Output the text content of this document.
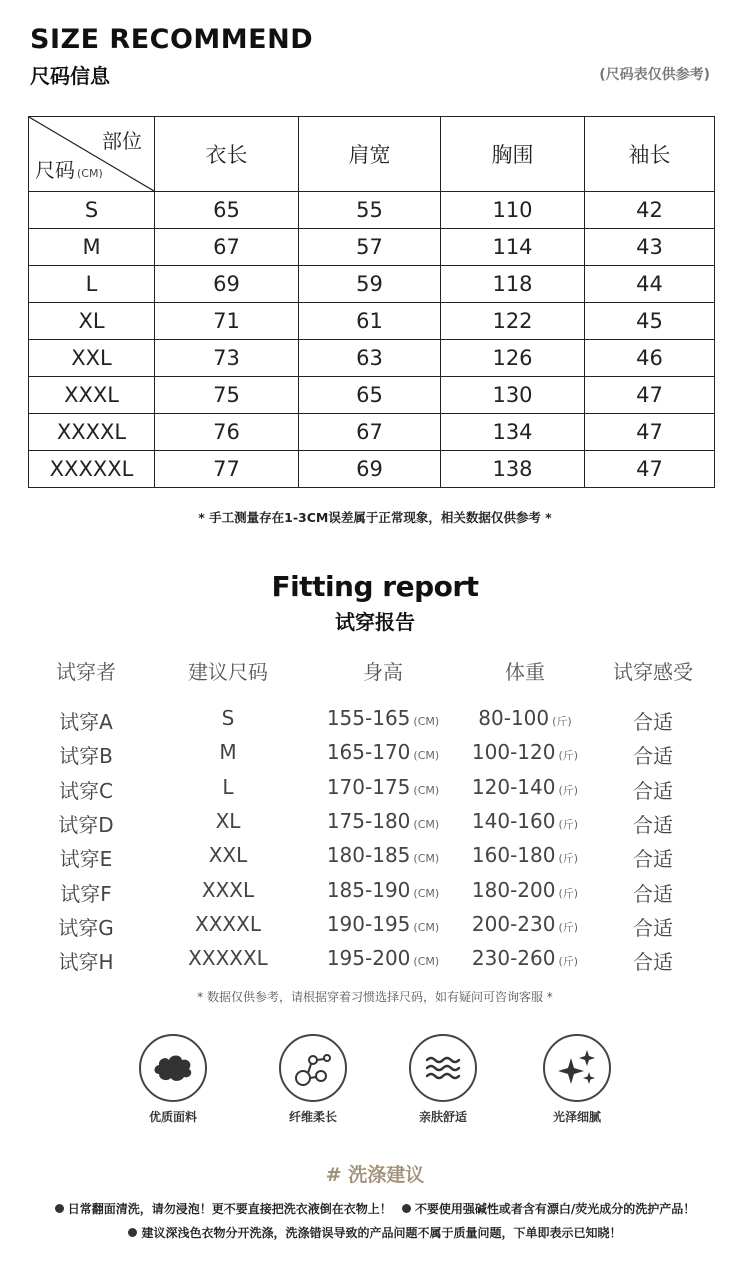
SIZE RECOMMEND
尺码信息	(尺码表仅供参考)
部位
尺码 (CM)	衣长	肩宽	胸围	袖长
S	65	55	110	42
M	67	57	114	43
L	69	59	118	44
XL	71	61	122	45
XXL	73	63	126	46
XXXL	75	65	130	47
XXXXL	76	67	134	47
XXXXXL	77	69	138	47
* 手工测量存在1-3CM误差属于正常现象，相关数据仅供参考 *
Fitting report
试穿报告
试穿者	建议尺码	身高	体重	试穿感受
试穿A	S	155-165 (CM)	80-100 (斤)	合适
试穿B	M	165-170 (CM)	100-120 (斤)	合适
试穿C	L	170-175 (CM)	120-140 (斤)	合适
试穿D	XL	175-180 (CM)	140-160 (斤)	合适
试穿E	XXL	180-185 (CM)	160-180 (斤)	合适
试穿F	XXXL	185-190 (CM)	180-200 (斤)	合适
试穿G	XXXXL	190-195 (CM)	200-230 (斤)	合适
试穿H	XXXXXL	195-200 (CM)	230-260 (斤)	合适
* 数据仅供参考，请根据穿着习惯选择尺码，如有疑问可咨询客服 *
优质面料	纤维柔长	亲肤舒适	光泽细腻
# 洗涤建议
日常翻面清洗，请勿浸泡！更不要直接把洗衣液倒在衣物上！ 不要使用强碱性或者含有漂白/荧光成分的洗护产品！
建议深浅色衣物分开洗涤，洗涤错误导致的产品问题不属于质量问题，下单即表示已知晓！
